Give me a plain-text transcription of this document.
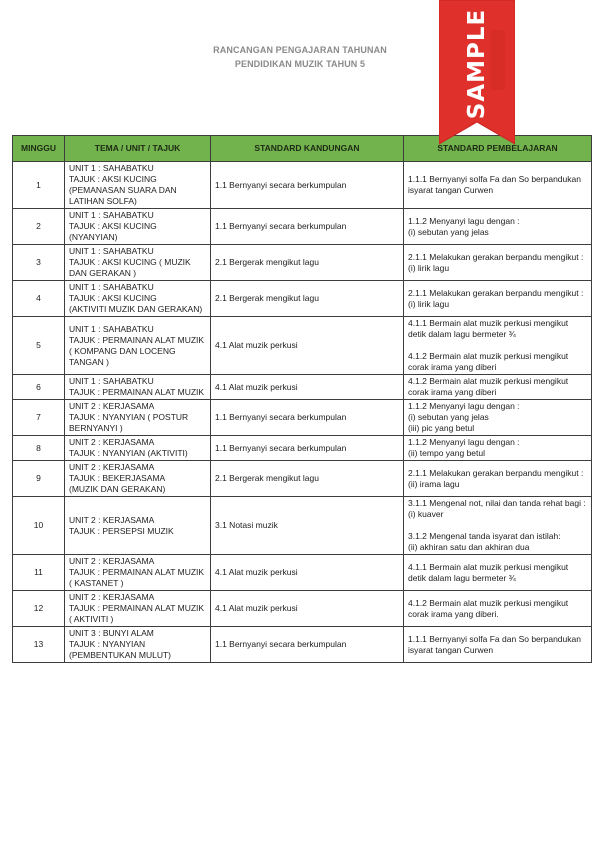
RANCANGAN PENGAJARAN TAHUNAN
PENDIDIKAN MUZIK TAHUN 5
MINGGU	TEMA / UNIT / TAJUK	STANDARD KANDUNGAN	STANDARD PEMBELAJARAN
1	UNIT 1 : SAHABATKU
TAJUK : AKSI KUCING
(PEMANASAN SUARA DAN LATIHAN SOLFA)	1.1 Bernyanyi secara berkumpulan	1.1.1 Bernyanyi solfa Fa dan So berpandukan isyarat tangan Curwen
2	UNIT 1 : SAHABATKU
TAJUK : AKSI KUCING
(NYANYIAN)	1.1 Bernyanyi secara berkumpulan	1.1.2 Menyanyi lagu dengan :
(i) sebutan yang jelas
3	UNIT 1 : SAHABATKU
TAJUK : AKSI KUCING ( MUZIK DAN GERAKAN )	2.1 Bergerak mengikut lagu	2.1.1 Melakukan gerakan berpandu mengikut :
(i) lirik lagu
4	UNIT 1 : SAHABATKU
TAJUK : AKSI KUCING
(AKTIVITI MUZIK DAN GERAKAN)	2.1 Bergerak mengikut lagu	2.1.1 Melakukan gerakan berpandu mengikut :
(i) lirik lagu
5	UNIT 1 : SAHABATKU
TAJUK : PERMAINAN ALAT MUZIK ( KOMPANG DAN LOCENG TANGAN )	4.1 Alat muzik perkusi	4.1.1 Bermain alat muzik perkusi mengikut detik dalam lagu bermeter ¾

4.1.2 Bermain alat muzik perkusi mengikut corak irama yang diberi
6	UNIT 1 : SAHABATKU
TAJUK : PERMAINAN ALAT MUZIK	4.1 Alat muzik perkusi	4.1.2 Bermain alat muzik perkusi mengikut corak irama yang diberi
7	UNIT 2 : KERJASAMA
TAJUK : NYANYIAN ( POSTUR BERNYANYI )	1.1 Bernyanyi secara berkumpulan	1.1.2 Menyanyi lagu dengan :
(i) sebutan yang jelas
(iii) pic yang betul
8	UNIT 2 : KERJASAMA
TAJUK : NYANYIAN (AKTIVITI)	1.1 Bernyanyi secara berkumpulan	1.1.2 Menyanyi lagu dengan :
(ii) tempo yang betul
9	UNIT 2 : KERJASAMA
TAJUK : BEKERJASAMA
(MUZIK DAN GERAKAN)	2.1 Bergerak mengikut lagu	2.1.1 Melakukan gerakan berpandu mengikut :
(ii) irama lagu
10	UNIT 2 : KERJASAMA
TAJUK : PERSEPSI MUZIK	3.1 Notasi muzik	3.1.1 Mengenal not, nilai dan tanda rehat bagi :
(i) kuaver

3.1.2 Mengenal tanda isyarat dan istilah:
(ii) akhiran satu dan akhiran dua
11	UNIT 2 : KERJASAMA
TAJUK : PERMAINAN ALAT MUZIK ( KASTANET )	4.1 Alat muzik perkusi	4.1.1 Bermain alat muzik perkusi mengikut detik dalam lagu bermeter ¾
12	UNIT 2 : KERJASAMA
TAJUK : PERMAINAN ALAT MUZIK ( AKTIVITI )	4.1 Alat muzik perkusi	4.1.2 Bermain alat muzik perkusi mengikut corak irama yang diberi.
13	UNIT 3 : BUNYI ALAM
TAJUK : NYANYIAN
(PEMBENTUKAN MULUT)	1.1 Bernyanyi secara berkumpulan	1.1.1 Bernyanyi solfa Fa dan So berpandukan isyarat tangan Curwen
SAMPLE
